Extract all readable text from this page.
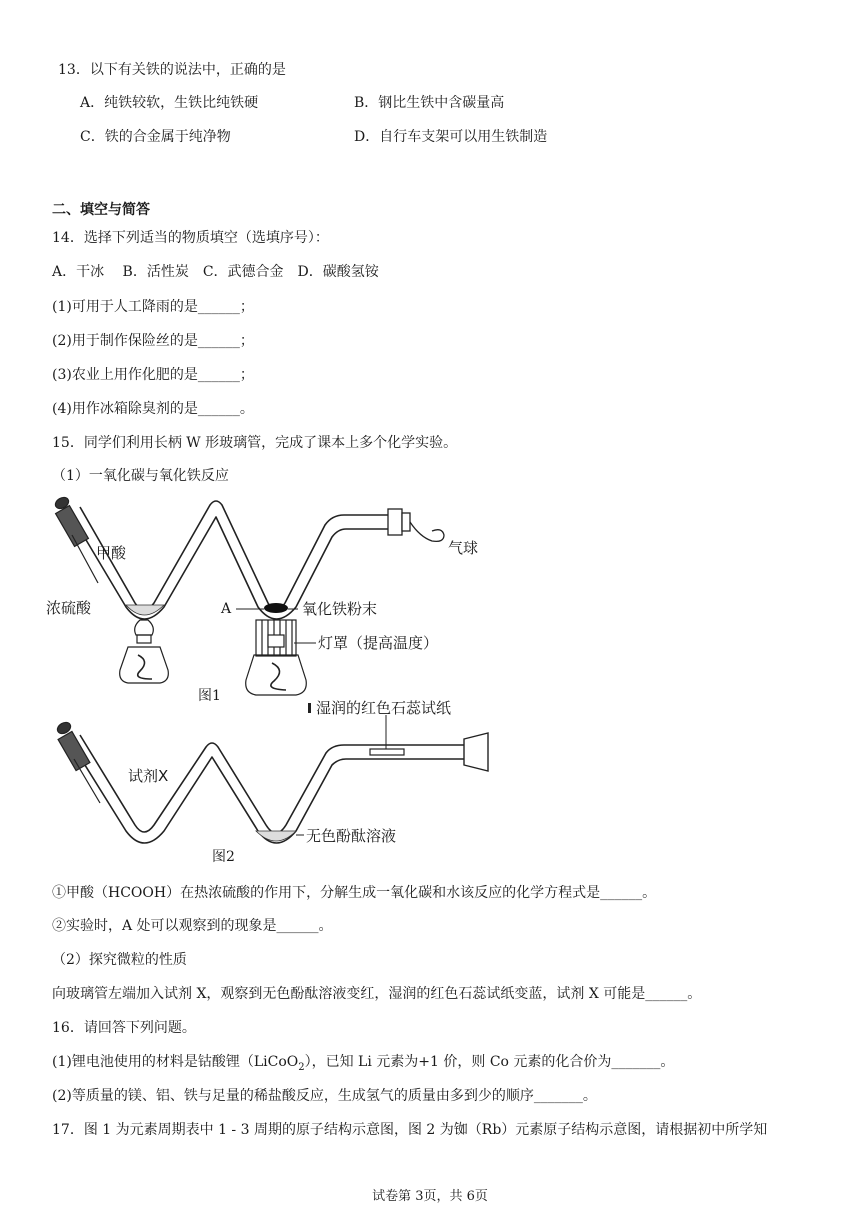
13．以下有关铁的说法中，正确的是
A．纯铁较软，生铁比纯铁硬	B．钢比生铁中含碳量高
C．铁的合金属于纯净物	D．自行车支架可以用生铁制造
二、填空与简答
14．选择下列适当的物质填空（选填序号）：
A．干冰　 B．活性炭　C．武德合金　D．碳酸氢铵
(1)可用于人工降雨的是______；
(2)用于制作保险丝的是______；
(3)农业上用作化肥的是______；
(4)用作冰箱除臭剂的是______。
15．同学们利用长柄 W 形玻璃管，完成了课本上多个化学实验。
（1）一氧化碳与氧化铁反应
甲酸	气球
浓硫酸	A	氧化铁粉末
灯罩（提高温度）
图1
湿润的红色石蕊试纸
试剂X
无色酚酞溶液
图2
①甲酸（HCOOH）在热浓硫酸的作用下，分解生成一氧化碳和水该反应的化学方程式是______。
②实验时，A 处可以观察到的现象是______。
（2）探究微粒的性质
向玻璃管左端加入试剂 X，观察到无色酚酞溶液变红，湿润的红色石蕊试纸变蓝，试剂 X 可能是______。
16．请回答下列问题。
(1)锂电池使用的材料是钴酸锂（LiCoO$_2$），已知 Li 元素为+1 价，则 Co 元素的化合价为_______。
(2)等质量的镁、铝、铁与足量的稀盐酸反应，生成氢气的质量由多到少的顺序_______。
17．图 1 为元素周期表中 1 - 3 周期的原子结构示意图，图 2 为铷（Rb）元素原子结构示意图，请根据初中所学知
试卷第 3页，共 6页
